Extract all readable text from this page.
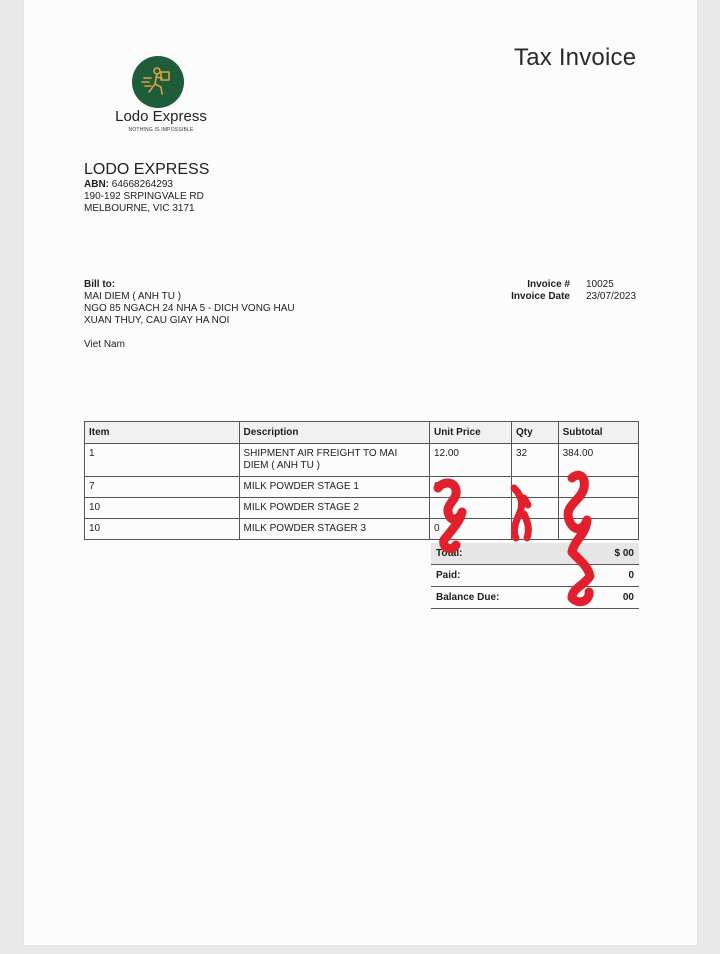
Tax Invoice
Lodo Express
NOTHING IS IMPOSSIBLE
LODO EXPRESS
ABN: 64668264293
190-192 SRPINGVALE RD
MELBOURNE, VIC 3171
Bill to:
MAI DIEM ( ANH TU )
NGO 85 NGACH 24 NHA 5 - DICH VONG HAU
XUAN THUY, CAU GIAY HA NOI
Viet Nam
Invoice # 10025
Invoice Date 23/07/2023
Item	Description	Unit Price	Qty	Subtotal
1	SHIPMENT AIR FREIGHT TO MAI DIEM ( ANH TU )	12.00	32	384.00
7	MILK POWDER STAGE 1	0.		
10	MILK POWDER STAGE 2			
10	MILK POWDER STAGER 3	0		
Total:	$ 00
Paid:	0
Balance Due:	00
